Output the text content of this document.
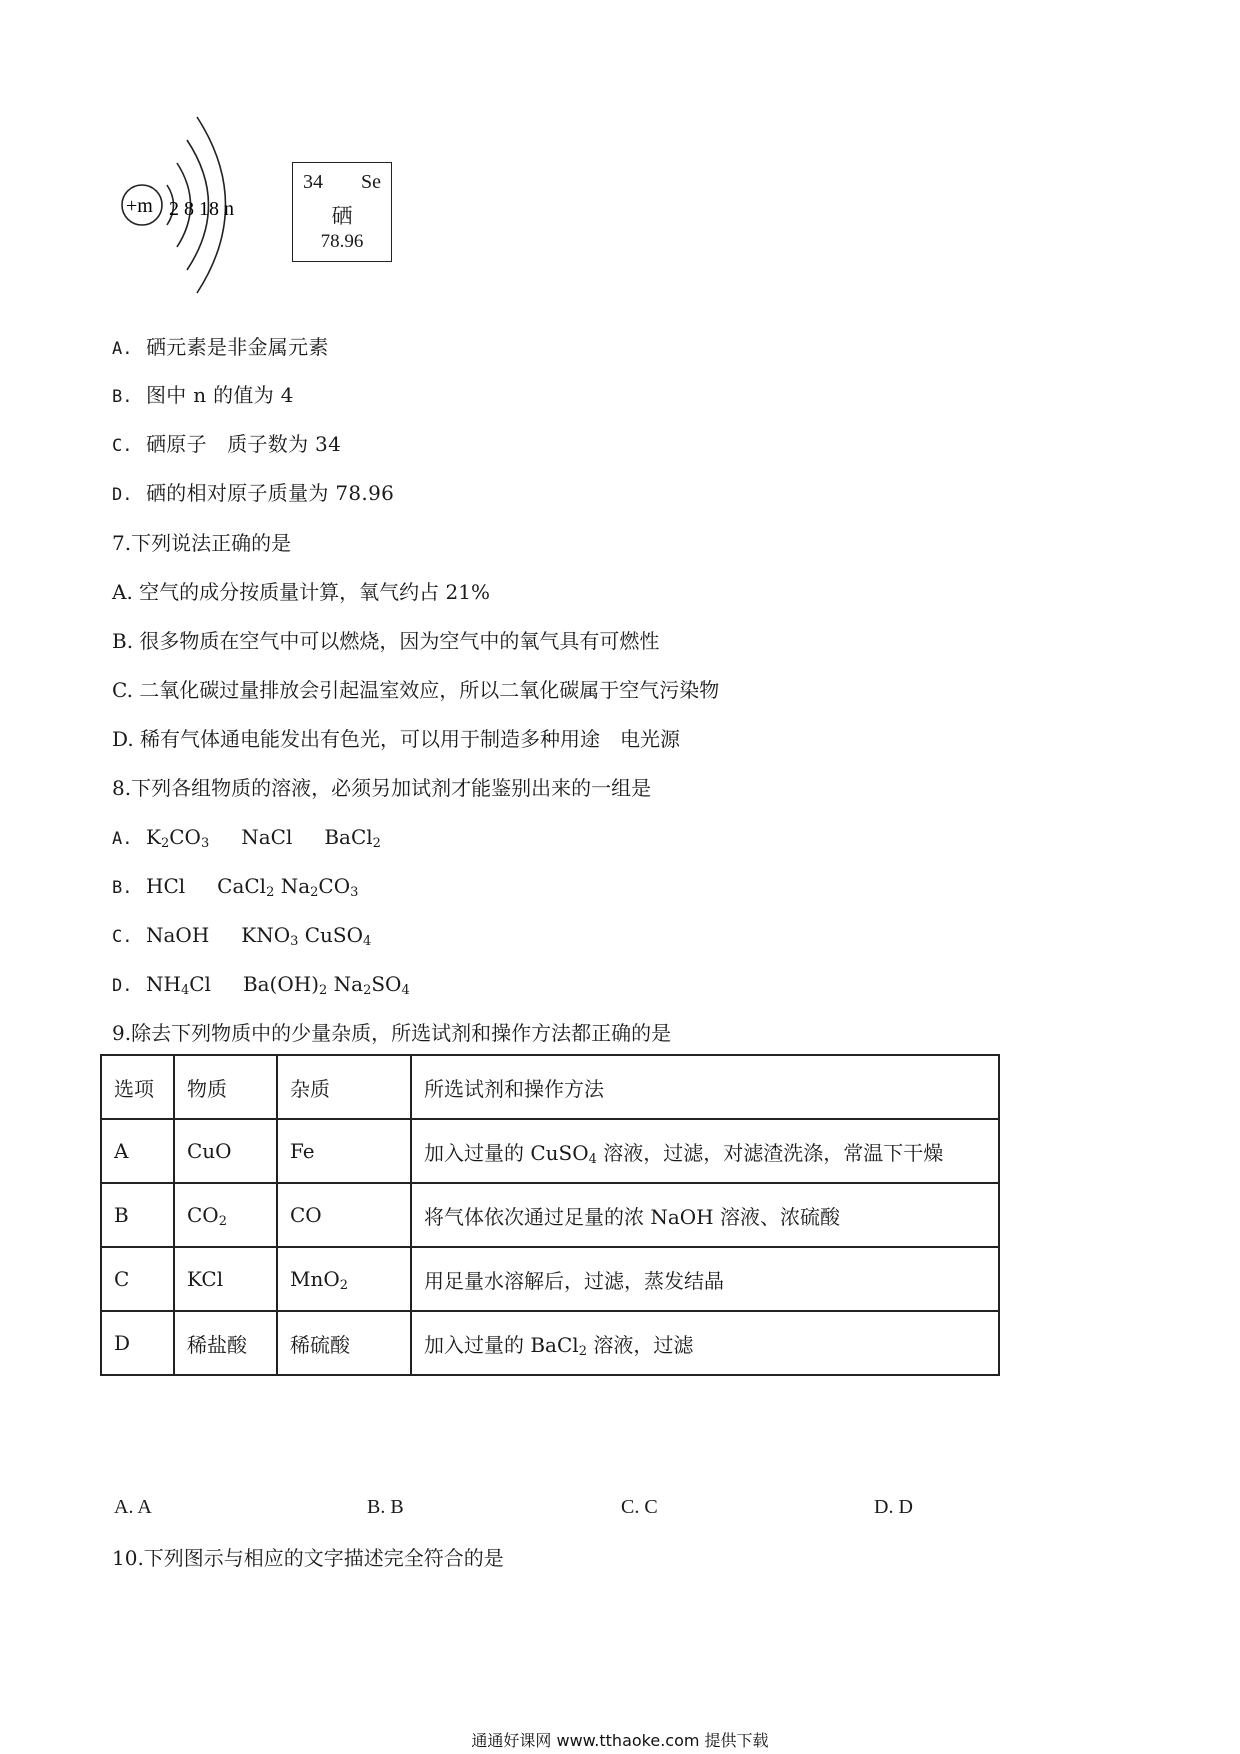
+m 2 8 18 n
34 Se
硒
78.96
A. 硒元素是非金属元素
B. 图中 n 的值为 4
C. 硒原子　质子数为 34
D. 硒的相对原子质量为 78.96
7.下列说法正确的是
A. 空气的成分按质量计算，氧气约占 21%
B. 很多物质在空气中可以燃烧，因为空气中的氧气具有可燃性
C. 二氧化碳过量排放会引起温室效应，所以二氧化碳属于空气污染物
D. 稀有气体通电能发出有色光，可以用于制造多种用途　电光源
8.下列各组物质的溶液，必须另加试剂才能鉴别出来的一组是
A. $K_2CO_3$ NaCl BaCl$_2$
B. HCl CaCl$_2$ $Na_2CO_3$
C. NaOH $KNO_3$ CuSO$_4$
D. $NH_4Cl$ $Ba(OH)_2$ $Na_2SO_4$
9.除去下列物质中的少量杂质，所选试剂和操作方法都正确的是
选项	物质	杂质	所选试剂和操作方法
A	CuO	Fe	加入过量的 CuSO$_4$ 溶液，过滤，对滤渣洗涤，常温下干燥
B	$CO_2$	CO	将气体依次通过足量的浓 NaOH 溶液、浓硫酸
C	KCl	MnO$_2$	用足量水溶解后，过滤，蒸发结晶
D	稀盐酸	稀硫酸	加入过量的 BaCl$_2$ 溶液，过滤
A. A	B. B	C. C	D. D
10.下列图示与相应的文字描述完全符合的是
通通好课网 www.tthaoke.com 提供下载
